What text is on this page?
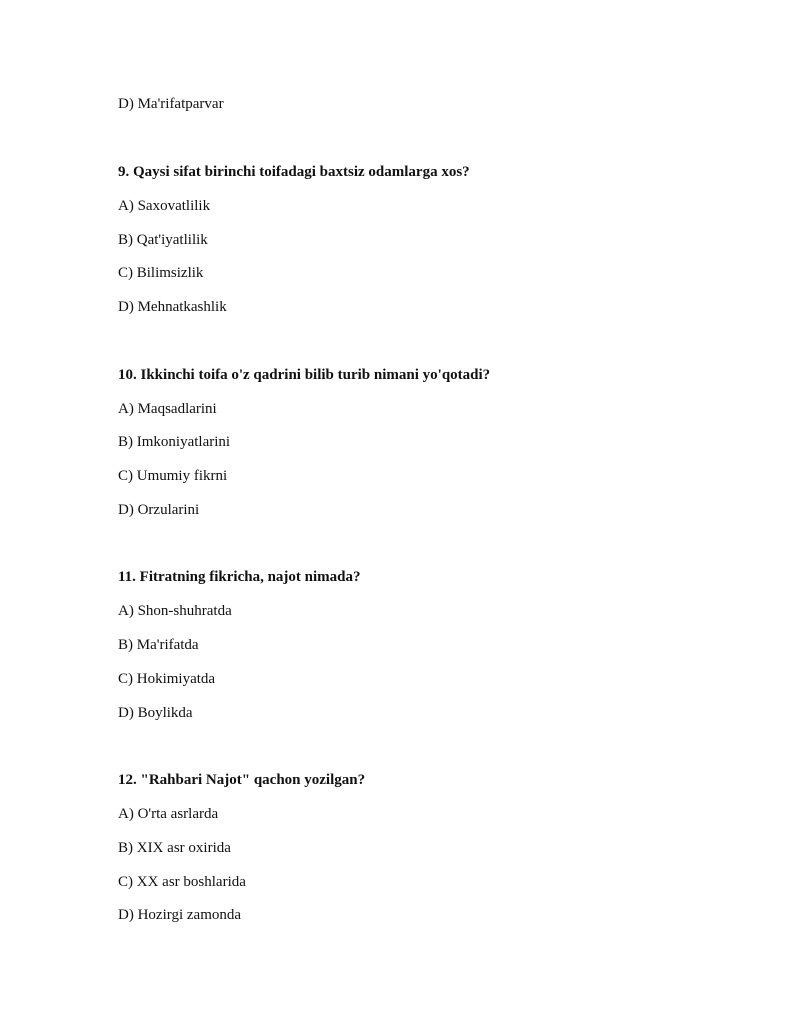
D) Ma'rifatparvar
9. Qaysi sifat birinchi toifadagi baxtsiz odamlarga xos?
A) Saxovatlilik
B) Qat'iyatlilik
C) Bilimsizlik
D) Mehnatkashlik
10. Ikkinchi toifa o'z qadrini bilib turib nimani yo'qotadi?
A) Maqsadlarini
B) Imkoniyatlarini
C) Umumiy fikrni
D) Orzularini
11. Fitratning fikricha, najot nimada?
A) Shon-shuhratda
B) Ma'rifatda
C) Hokimiyatda
D) Boylikda
12. "Rahbari Najot" qachon yozilgan?
A) O'rta asrlarda
B) XIX asr oxirida
C) XX asr boshlarida
D) Hozirgi zamonda
